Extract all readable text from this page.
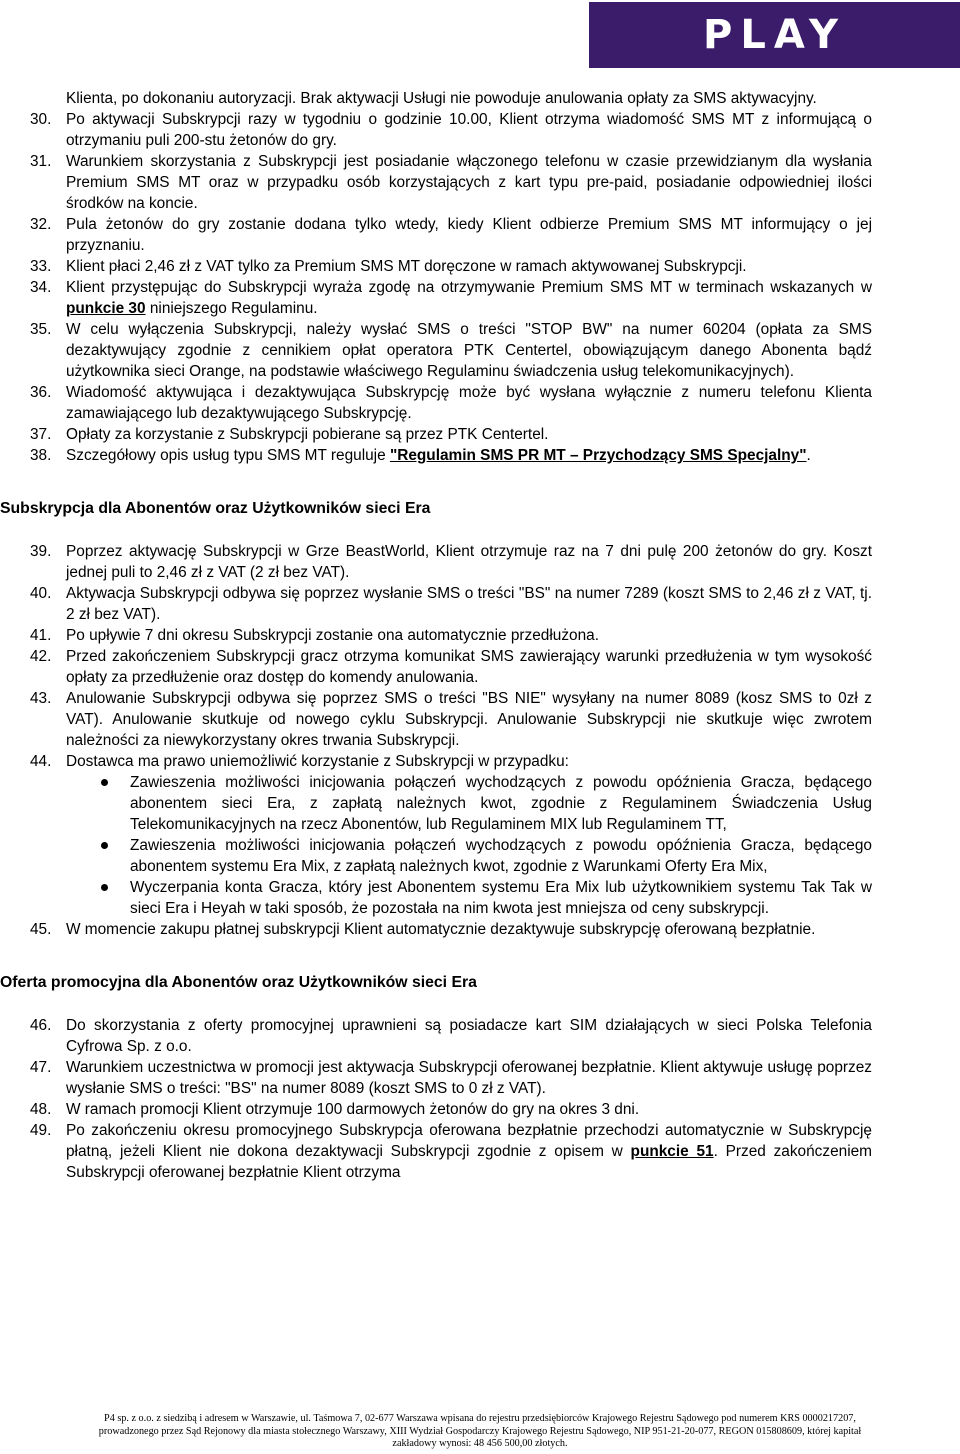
PLAY
Klienta, po dokonaniu autoryzacji. Brak aktywacji Usługi nie powoduje anulowania opłaty za SMS aktywacyjny.
30. Po aktywacji Subskrypcji razy w tygodniu o godzinie 10.00, Klient otrzyma wiadomość SMS MT z informującą o otrzymaniu puli 200-stu żetonów do gry.
31. Warunkiem skorzystania z Subskrypcji jest posiadanie włączonego telefonu w czasie przewidzianym dla wysłania Premium SMS MT oraz w przypadku osób korzystających z kart typu pre-paid, posiadanie odpowiedniej ilości środków na koncie.
32. Pula żetonów do gry zostanie dodana tylko wtedy, kiedy Klient odbierze Premium SMS MT informujący o jej przyznaniu.
33. Klient płaci 2,46 zł z VAT tylko za Premium SMS MT doręczone w ramach aktywowanej Subskrypcji.
34. Klient przystępując do Subskrypcji wyraża zgodę na otrzymywanie Premium SMS MT w terminach wskazanych w punkcie 30 niniejszego Regulaminu.
35. W celu wyłączenia Subskrypcji, należy wysłać SMS o treści "STOP BW" na numer 60204 (opłata za SMS dezaktywujący zgodnie z cennikiem opłat operatora PTK Centertel, obowiązującym danego Abonenta bądź użytkownika sieci Orange, na podstawie właściwego Regulaminu świadczenia usług telekomunikacyjnych).
36. Wiadomość aktywująca i dezaktywująca Subskrypcję może być wysłana wyłącznie z numeru telefonu Klienta zamawiającego lub dezaktywującego Subskrypcję.
37. Opłaty za korzystanie z Subskrypcji pobierane są przez PTK Centertel.
38. Szczegółowy opis usług typu SMS MT reguluje "Regulamin SMS PR MT – Przychodzący SMS Specjalny".
Subskrypcja dla Abonentów oraz Użytkowników sieci Era
39. Poprzez aktywację Subskrypcji w Grze BeastWorld, Klient otrzymuje raz na 7 dni pulę 200 żetonów do gry. Koszt jednej puli to 2,46 zł z VAT (2 zł bez VAT).
40. Aktywacja Subskrypcji odbywa się poprzez wysłanie SMS o treści "BS" na numer 7289 (koszt SMS to 2,46 zł z VAT, tj. 2 zł bez VAT).
41. Po upływie 7 dni okresu Subskrypcji zostanie ona automatycznie przedłużona.
42. Przed zakończeniem Subskrypcji gracz otrzyma komunikat SMS zawierający warunki przedłużenia w tym wysokość opłaty za przedłużenie oraz dostęp do komendy anulowania.
43. Anulowanie Subskrypcji odbywa się poprzez SMS o treści "BS NIE" wysyłany na numer 8089 (kosz SMS to 0zł z VAT). Anulowanie skutkuje od nowego cyklu Subskrypcji. Anulowanie Subskrypcji nie skutkuje więc zwrotem należności za niewykorzystany okres trwania Subskrypcji.
44. Dostawca ma prawo uniemożliwić korzystanie z Subskrypcji w przypadku:
Zawieszenia możliwości inicjowania połączeń wychodzących z powodu opóźnienia Gracza, będącego abonentem sieci Era, z zapłatą należnych kwot, zgodnie z Regulaminem Świadczenia Usług Telekomunikacyjnych na rzecz Abonentów, lub Regulaminem MIX lub Regulaminem TT,
Zawieszenia możliwości inicjowania połączeń wychodzących z powodu opóźnienia Gracza, będącego abonentem systemu Era Mix, z zapłatą należnych kwot, zgodnie z Warunkami Oferty Era Mix,
Wyczerpania konta Gracza, który jest Abonentem systemu Era Mix lub użytkownikiem systemu Tak Tak w sieci Era i Heyah w taki sposób, że pozostała na nim kwota jest mniejsza od ceny subskrypcji.
45. W momencie zakupu płatnej subskrypcji Klient automatycznie dezaktywuje subskrypcję oferowaną bezpłatnie.
Oferta promocyjna dla Abonentów oraz Użytkowników sieci Era
46. Do skorzystania z oferty promocyjnej uprawnieni są posiadacze kart SIM działających w sieci Polska Telefonia Cyfrowa Sp. z o.o.
47. Warunkiem uczestnictwa w promocji jest aktywacja Subskrypcji oferowanej bezpłatnie. Klient aktywuje usługę poprzez wysłanie SMS o treści: "BS" na numer 8089 (koszt SMS to 0 zł z VAT).
48. W ramach promocji Klient otrzymuje 100 darmowych żetonów do gry na okres 3 dni.
49. Po zakończeniu okresu promocyjnego Subskrypcja oferowana bezpłatnie przechodzi automatycznie w Subskrypcję płatną, jeżeli Klient nie dokona dezaktywacji Subskrypcji zgodnie z opisem w punkcie 51. Przed zakończeniem Subskrypcji oferowanej bezpłatnie Klient otrzyma
P4 sp. z o.o. z siedzibą i adresem w Warszawie, ul. Taśmowa 7, 02-677 Warszawa wpisana do rejestru przedsiębiorców Krajowego Rejestru Sądowego pod numerem KRS 0000217207,
prowadzonego przez Sąd Rejonowy dla miasta stołecznego Warszawy, XIII Wydział Gospodarczy Krajowego Rejestru Sądowego, NIP 951-21-20-077, REGON 015808609, której kapitał
zakładowy wynosi: 48 456 500,00 złotych.
